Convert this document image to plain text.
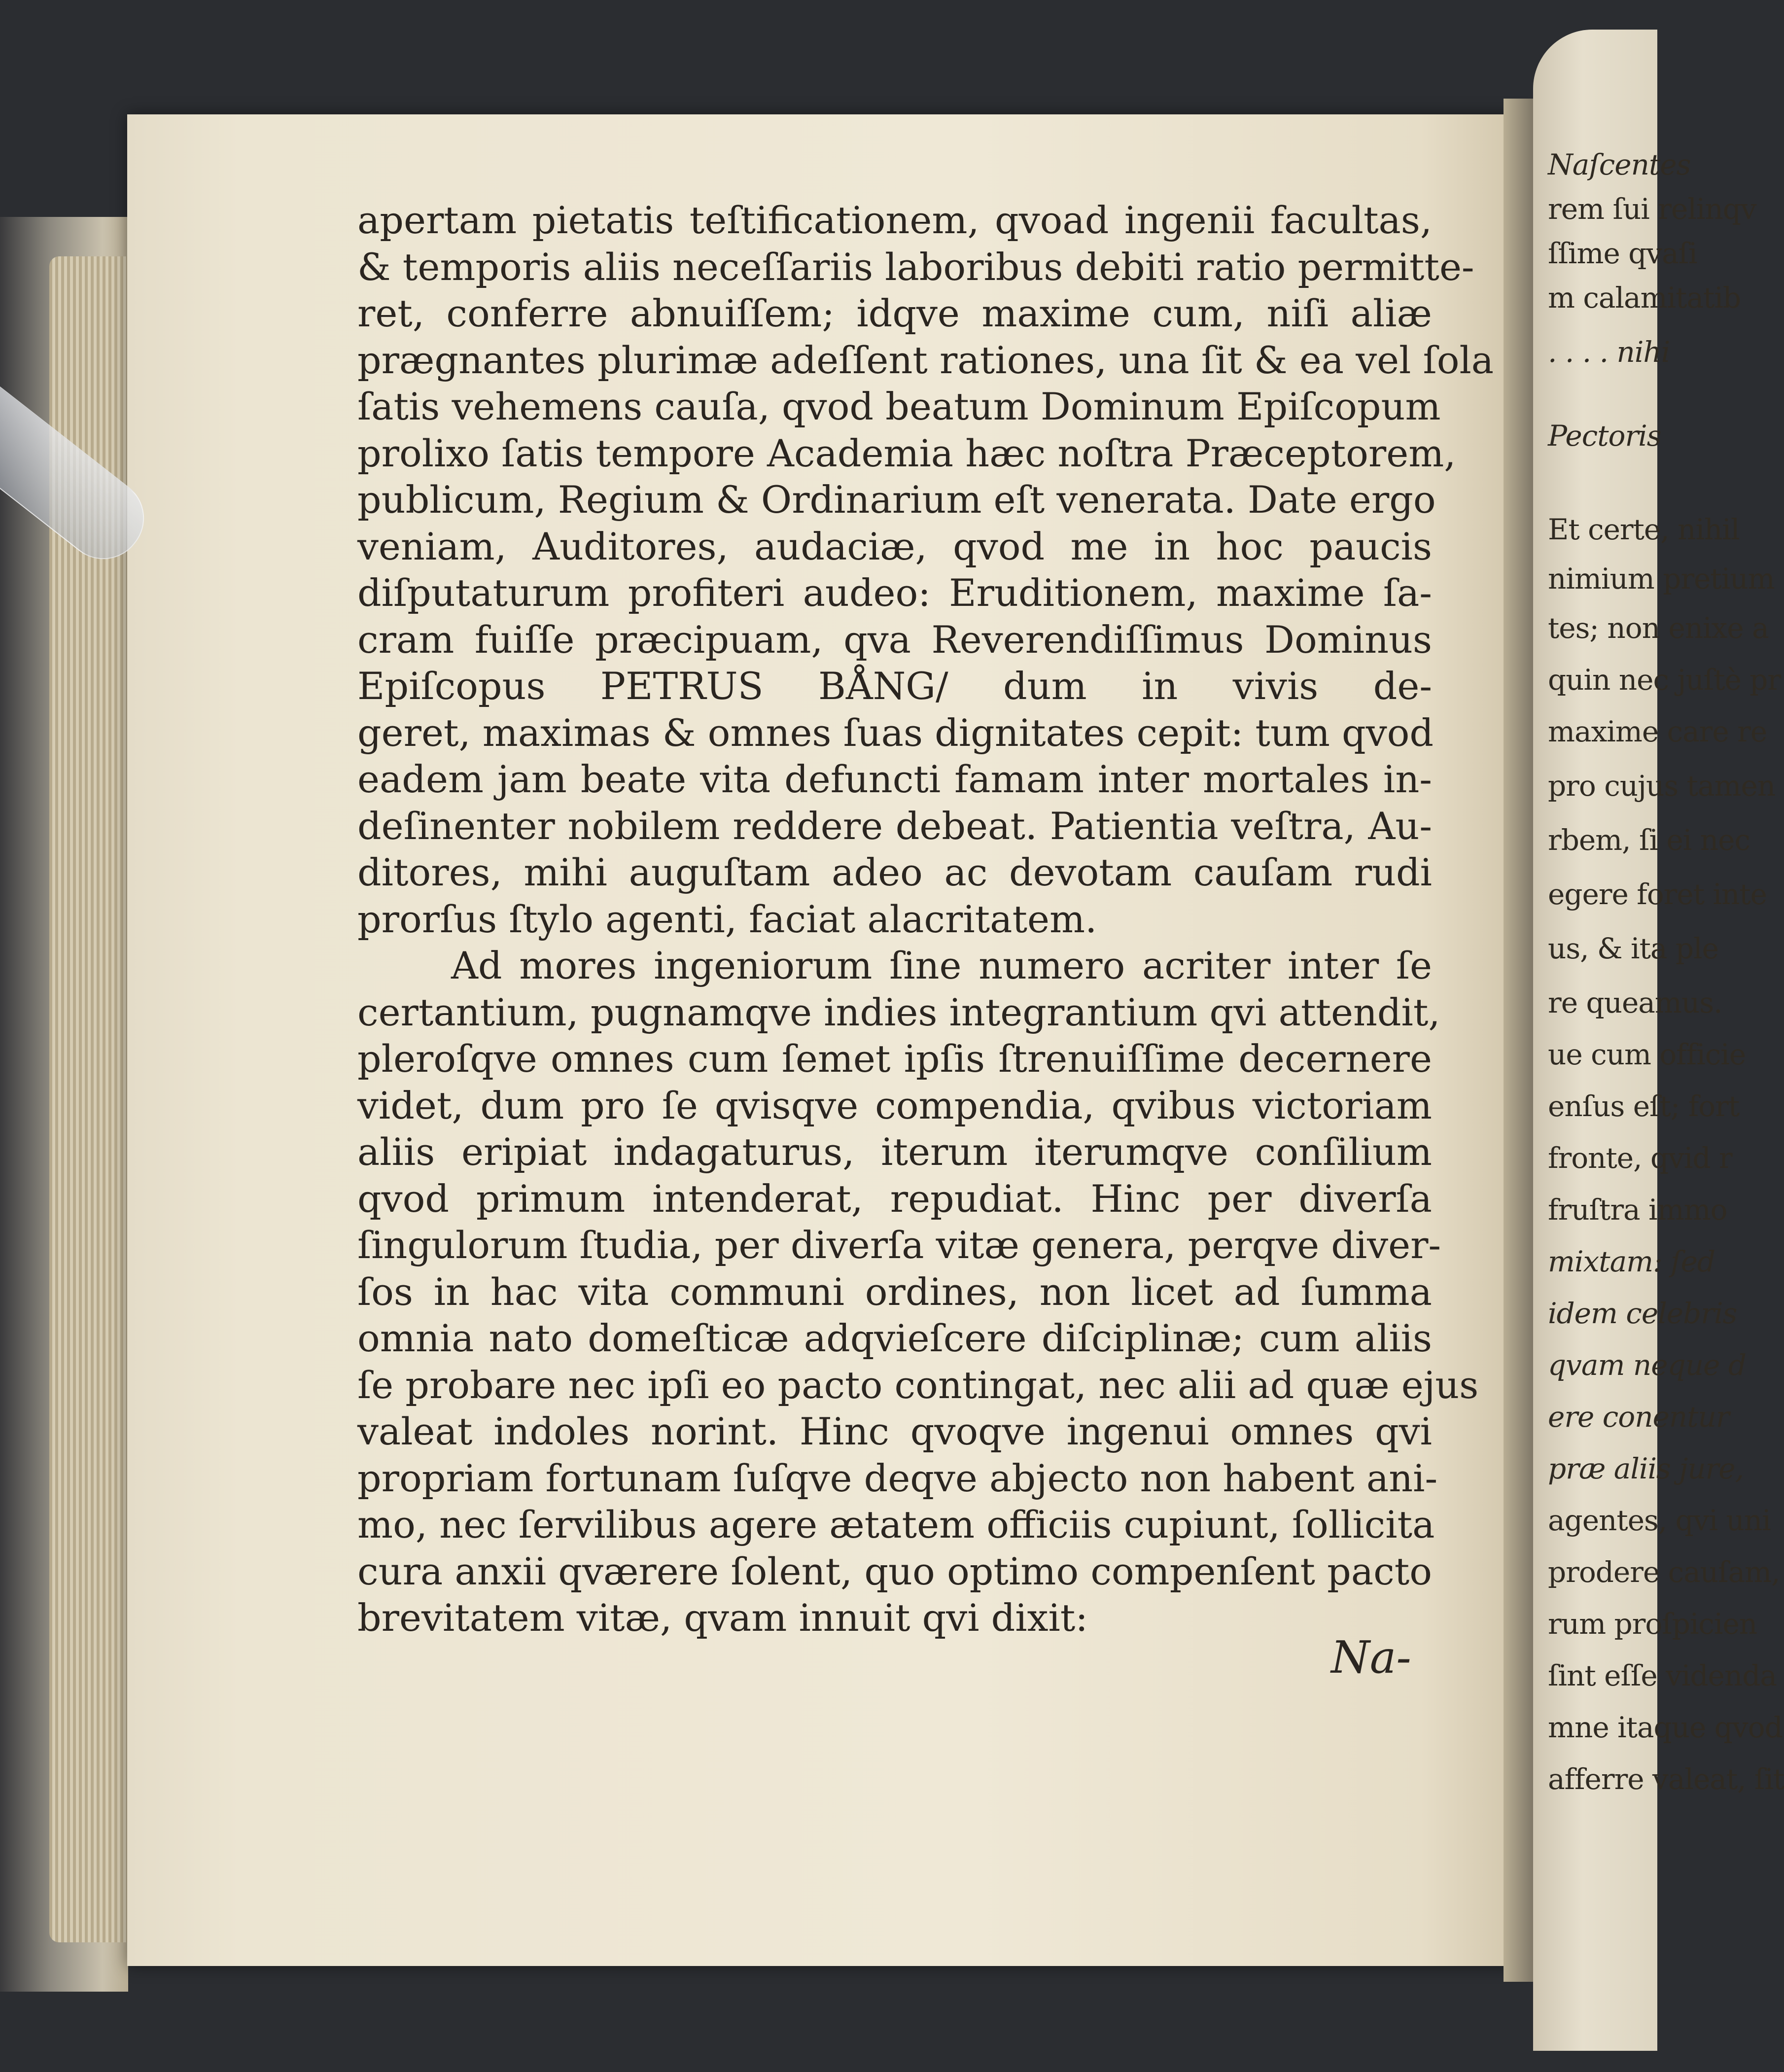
apertam pietatis teſtificationem, qvoad ingenii facultas,
& temporis aliis neceſſariis laboribus debiti ratio permitte-
ret, conferre abnuiſſem; idqve maxime cum, niſi aliæ
prægnantes plurimæ adeſſent rationes, una ſit & ea vel ſola
ſatis vehemens cauſa, qvod beatum Dominum Epiſcopum
prolixo ſatis tempore Academia hæc noſtra Præceptorem,
publicum, Regium & Ordinarium eſt venerata. Date ergo
veniam, Auditores, audaciæ, qvod me in hoc paucis
diſputaturum profiteri audeo: Eruditionem, maxime ſa-
cram fuiſſe præcipuam, qva Reverendiſſimus Dominus
Epiſcopus PETRUS BÅNG/ dum in vivis de-
geret, maximas & omnes ſuas dignitates cepit: tum qvod
eadem jam beate vita defuncti famam inter mortales in-
deſinenter nobilem reddere debeat. Patientia veſtra, Au-
ditores, mihi auguſtam adeo ac devotam cauſam rudi
prorſus ſtylo agenti, faciat alacritatem.
Ad mores ingeniorum ſine numero acriter inter ſe
certantium, pugnamqve indies integrantium qvi attendit,
pleroſqve omnes cum ſemet ipſis ſtrenuiſſime decernere
videt, dum pro ſe qvisqve compendia, qvibus victoriam
aliis eripiat indagaturus, iterum iterumqve conſilium
qvod primum intenderat, repudiat. Hinc per diverſa
ſingulorum ſtudia, per diverſa vitæ genera, perqve diver-
ſos in hac vita communi ordines, non licet ad ſumma
omnia nato domeſticæ adqvieſcere diſciplinæ; cum aliis
ſe probare nec ipſi eo pacto contingat, nec alii ad quæ ejus
valeat indoles norint. Hinc qvoqve ingenui omnes qvi
propriam fortunam ſuſqve deqve abjecto non habent ani-
mo, nec ſervilibus agere ætatem officiis cupiunt, ſollicita
cura anxii qværere ſolent, quo optimo compenſent pacto
brevitatem vitæ, qvam innuit qvi dixit:
Na-
Naſcentes
rem ſui relinqv
ſſime qvaſi
m calamitatib
. . . . nihi
Pectoris
Et certe, nihil
nimium pretium
tes; non enixe a
quin nec juſtè pr
maxime care re
pro cujus tamen
rbem, ſi ei nec
egere foret inte
us, & ita ple
re queamus.
ue cum officie
enſus eſt; fort
fronte, qvid r
fruſtra immo
mixtam: ſed
idem celebris
qvam neque d
ere conentur
præ aliis jure,
agentes, qvi uni
prodere cauſam,
rum proſpicien
ſint eſſe videnda
mne itaque qvod
afferre valeat, ſit
